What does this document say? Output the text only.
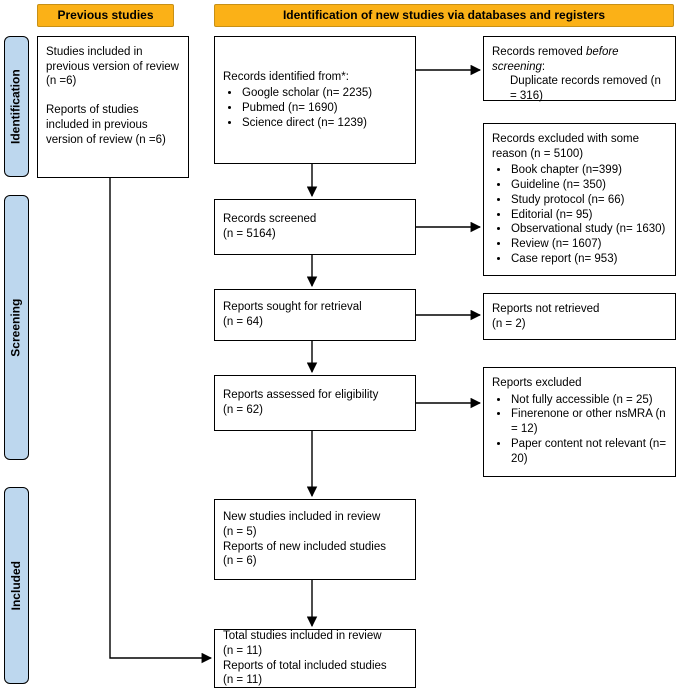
Previous studies	Identification of new studies via databases and registers
Identification
Screening
Included
Studies included in previous version of review (n =6)
Reports of studies included in previous version of review (n =6)
Records identified from*:
• Google scholar (n= 2235)
• Pubmed (n= 1690)
• Science direct (n= 1239)
Records screened
(n = 5164)
Reports sought for retrieval
(n = 64)
Reports assessed for eligibility
(n = 62)
New studies included in review
(n = 5)
Reports of new included studies
(n = 6)
Total studies included in review
(n = 11)
Reports of total included studies
(n = 11)
Records removed before screening:
Duplicate records removed (n = 316)
Records excluded with some reason (n = 5100)
• Book chapter (n=399)
• Guideline (n= 350)
• Study protocol (n= 66)
• Editorial (n= 95)
• Observational study (n= 1630)
• Review (n= 1607)
• Case report (n= 953)
Reports not retrieved
(n = 2)
Reports excluded
• Not fully accessible (n = 25)
• Finerenone or other nsMRA (n = 12)
• Paper content not relevant (n= 20)
